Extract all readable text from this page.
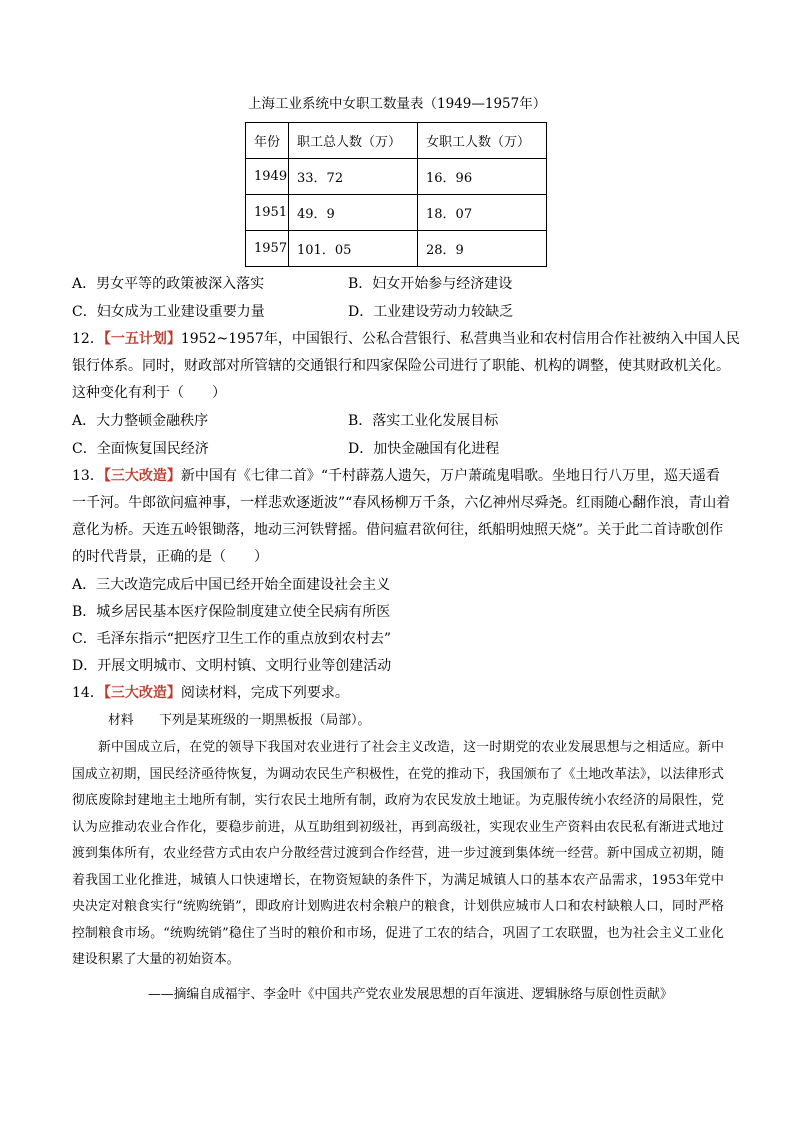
上海工业系统中女职工数量表（1949—1957年）
年份	职工总人数（万）	女职工人数（万）
1949	33．72	16．96
1951	49．9	18．07
1957	101．05	28．9
A．男女平等的政策被深入落实	B．妇女开始参与经济建设
C．妇女成为工业建设重要力量	D．工业建设劳动力较缺乏
12．【一五计划】1952~1957年，中国银行、公私合营银行、私营典当业和农村信用合作社被纳入中国人民
银行体系。同时，财政部对所管辖的交通银行和四家保险公司进行了职能、机构的调整，使其财政机关化。
这种变化有利于（　　）
A．大力整顿金融秩序	B．落实工业化发展目标
C．全面恢复国民经济	D．加快金融国有化进程
13．【三大改造】新中国有《七律二首》“千村薜荔人遗矢，万户萧疏鬼唱歌。坐地日行八万里，巡天遥看
一千河。牛郎欲问瘟神事，一样悲欢逐逝波”“春风杨柳万千条，六亿神州尽舜尧。红雨随心翻作浪，青山着
意化为桥。天连五岭银锄落，地动三河铁臂摇。借问瘟君欲何往，纸船明烛照天烧”。关于此二首诗歌创作
的时代背景，正确的是（　　）
A．三大改造完成后中国已经开始全面建设社会主义
B．城乡居民基本医疗保险制度建立使全民病有所医
C．毛泽东指示“把医疗卫生工作的重点放到农村去”
D．开展文明城市、文明村镇、文明行业等创建活动
14．【三大改造】阅读材料，完成下列要求。
材料　　下列是某班级的一期黑板报（局部）。
新中国成立后，在党的领导下我国对农业进行了社会主义改造，这一时期党的农业发展思想与之相适应。新中国成立初期，国民经济亟待恢复，为调动农民生产积极性，在党的推动下，我国颁布了《土地改革法》，以法律形式彻底废除封建地主土地所有制，实行农民土地所有制，政府为农民发放土地证。为克服传统小农经济的局限性，党认为应推动农业合作化，要稳步前进，从互助组到初级社，再到高级社，实现农业生产资料由农民私有渐进式地过渡到集体所有，农业经营方式由农户分散经营过渡到合作经营，进一步过渡到集体统一经营。新中国成立初期，随着我国工业化推进，城镇人口快速增长，在物资短缺的条件下，为满足城镇人口的基本农产品需求，1953年党中央决定对粮食实行“统购统销”，即政府计划购进农村余粮户的粮食，计划供应城市人口和农村缺粮人口，同时严格控制粮食市场。“统购统销”稳住了当时的粮价和市场，促进了工农的结合，巩固了工农联盟，也为社会主义工业化建设积累了大量的初始资本。
——摘编自成福宇、李金叶《中国共产党农业发展思想的百年演进、逻辑脉络与原创性贡献》
